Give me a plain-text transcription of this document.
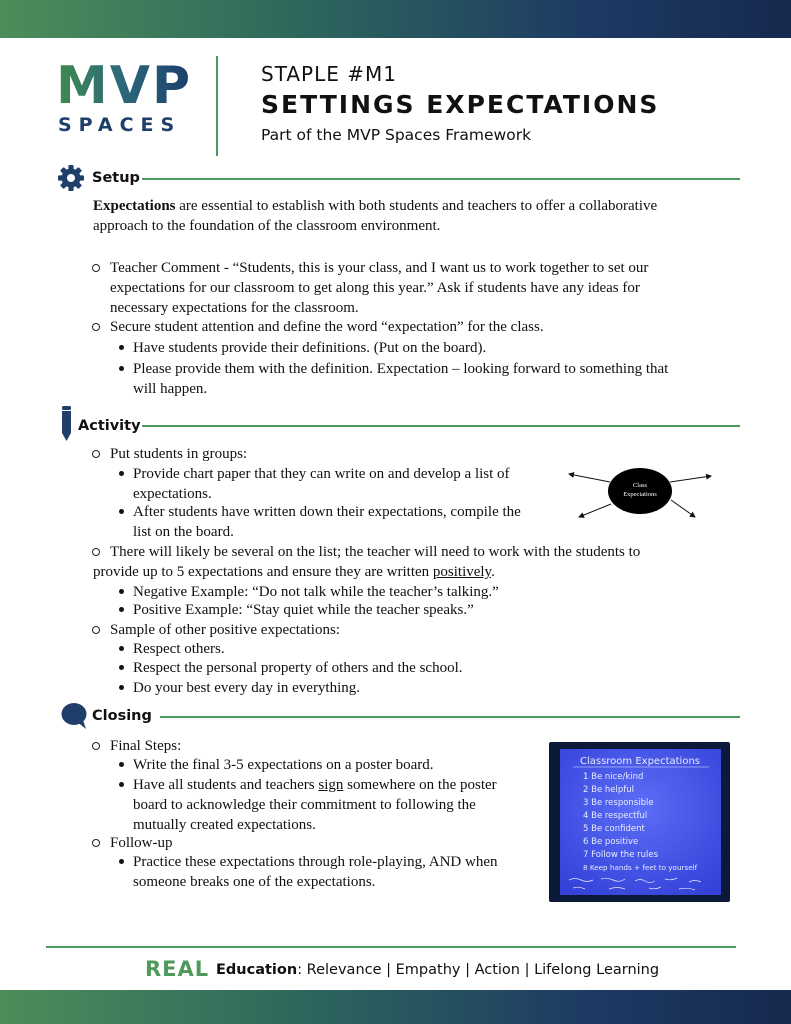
MVP
SPACES
STAPLE #M1
SETTINGS EXPECTATIONS
Part of the MVP Spaces Framework
Setup
Expectations are essential to establish with both students and teachers to offer a collaborative
approach to the foundation of the classroom environment.
Teacher Comment - “Students, this is your class, and I want us to work together to set our
expectations for our classroom to get along this year.” Ask if students have any ideas for
necessary expectations for the classroom.
Secure student attention and define the word “expectation” for the class.
Have students provide their definitions. (Put on the board).
Please provide them with the definition. Expectation – looking forward to something that
will happen.
Activity
Put students in groups:
Provide chart paper that they can write on and develop a list of
expectations.
After students have written down their expectations, compile the
list on the board.
Class
Expectations
There will likely be several on the list; the teacher will need to work with the students to
provide up to 5 expectations and ensure they are written positively.
Negative Example: “Do not talk while the teacher’s talking.”
Positive Example: “Stay quiet while the teacher speaks.”
Sample of other positive expectations:
Respect others.
Respect the personal property of others and the school.
Do your best every day in everything.
Closing
Final Steps:
Write the final 3-5 expectations on a poster board.
Have all students and teachers sign somewhere on the poster
board to acknowledge their commitment to following the
mutually created expectations.
Follow-up
Practice these expectations through role-playing, AND when
someone breaks one of the expectations.
Classroom Expectations
1 Be nice/kind
2 Be helpful
3 Be responsible
4 Be respectful
5 Be confident
6 Be positive
7 Follow the rules
8 Keep hands + feet to yourself
REAL Education: Relevance | Empathy | Action | Lifelong Learning
